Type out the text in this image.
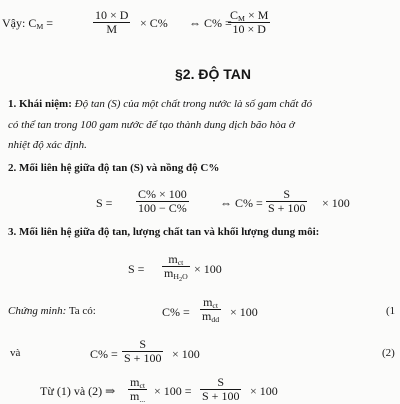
Vậy: $C_M$ =	$\frac{10 \times D}{M} \times C\%$ ⇔ C% =
$\frac{C_M \times M}{10 \times D}$
§2. ĐỘ TAN
1. Khái niệm: Độ tan (S) của một chất trong nước là số gam chất đó
có thể tan trong 100 gam nước để tạo thành dung dịch bão hòa ở
nhiệt độ xác định.
2. Mối liên hệ giữa độ tan (S) và nồng độ C%
$S = \frac{C\% \times 100}{100 - C\%}$	⇔ $C\% = \frac{S}{S + 100} \times 100$
3. Mối liên hệ giữa độ tan, lượng chất tan và khối lượng dung môi:
S =
$m_{ct}$
$m_{H_2O}$
× 100
Chứng minh: Ta có:	C% =
$m_{ct}$
$m_{dd}$
× 100	(1
và	$C\% = \frac{S}{S + 100} \times 100$	(2)
Từ (1) và (2) ⇒
$m_{ct}$
$m_{...}$
× $100 = \frac{S}{S + 100} \times 100$
